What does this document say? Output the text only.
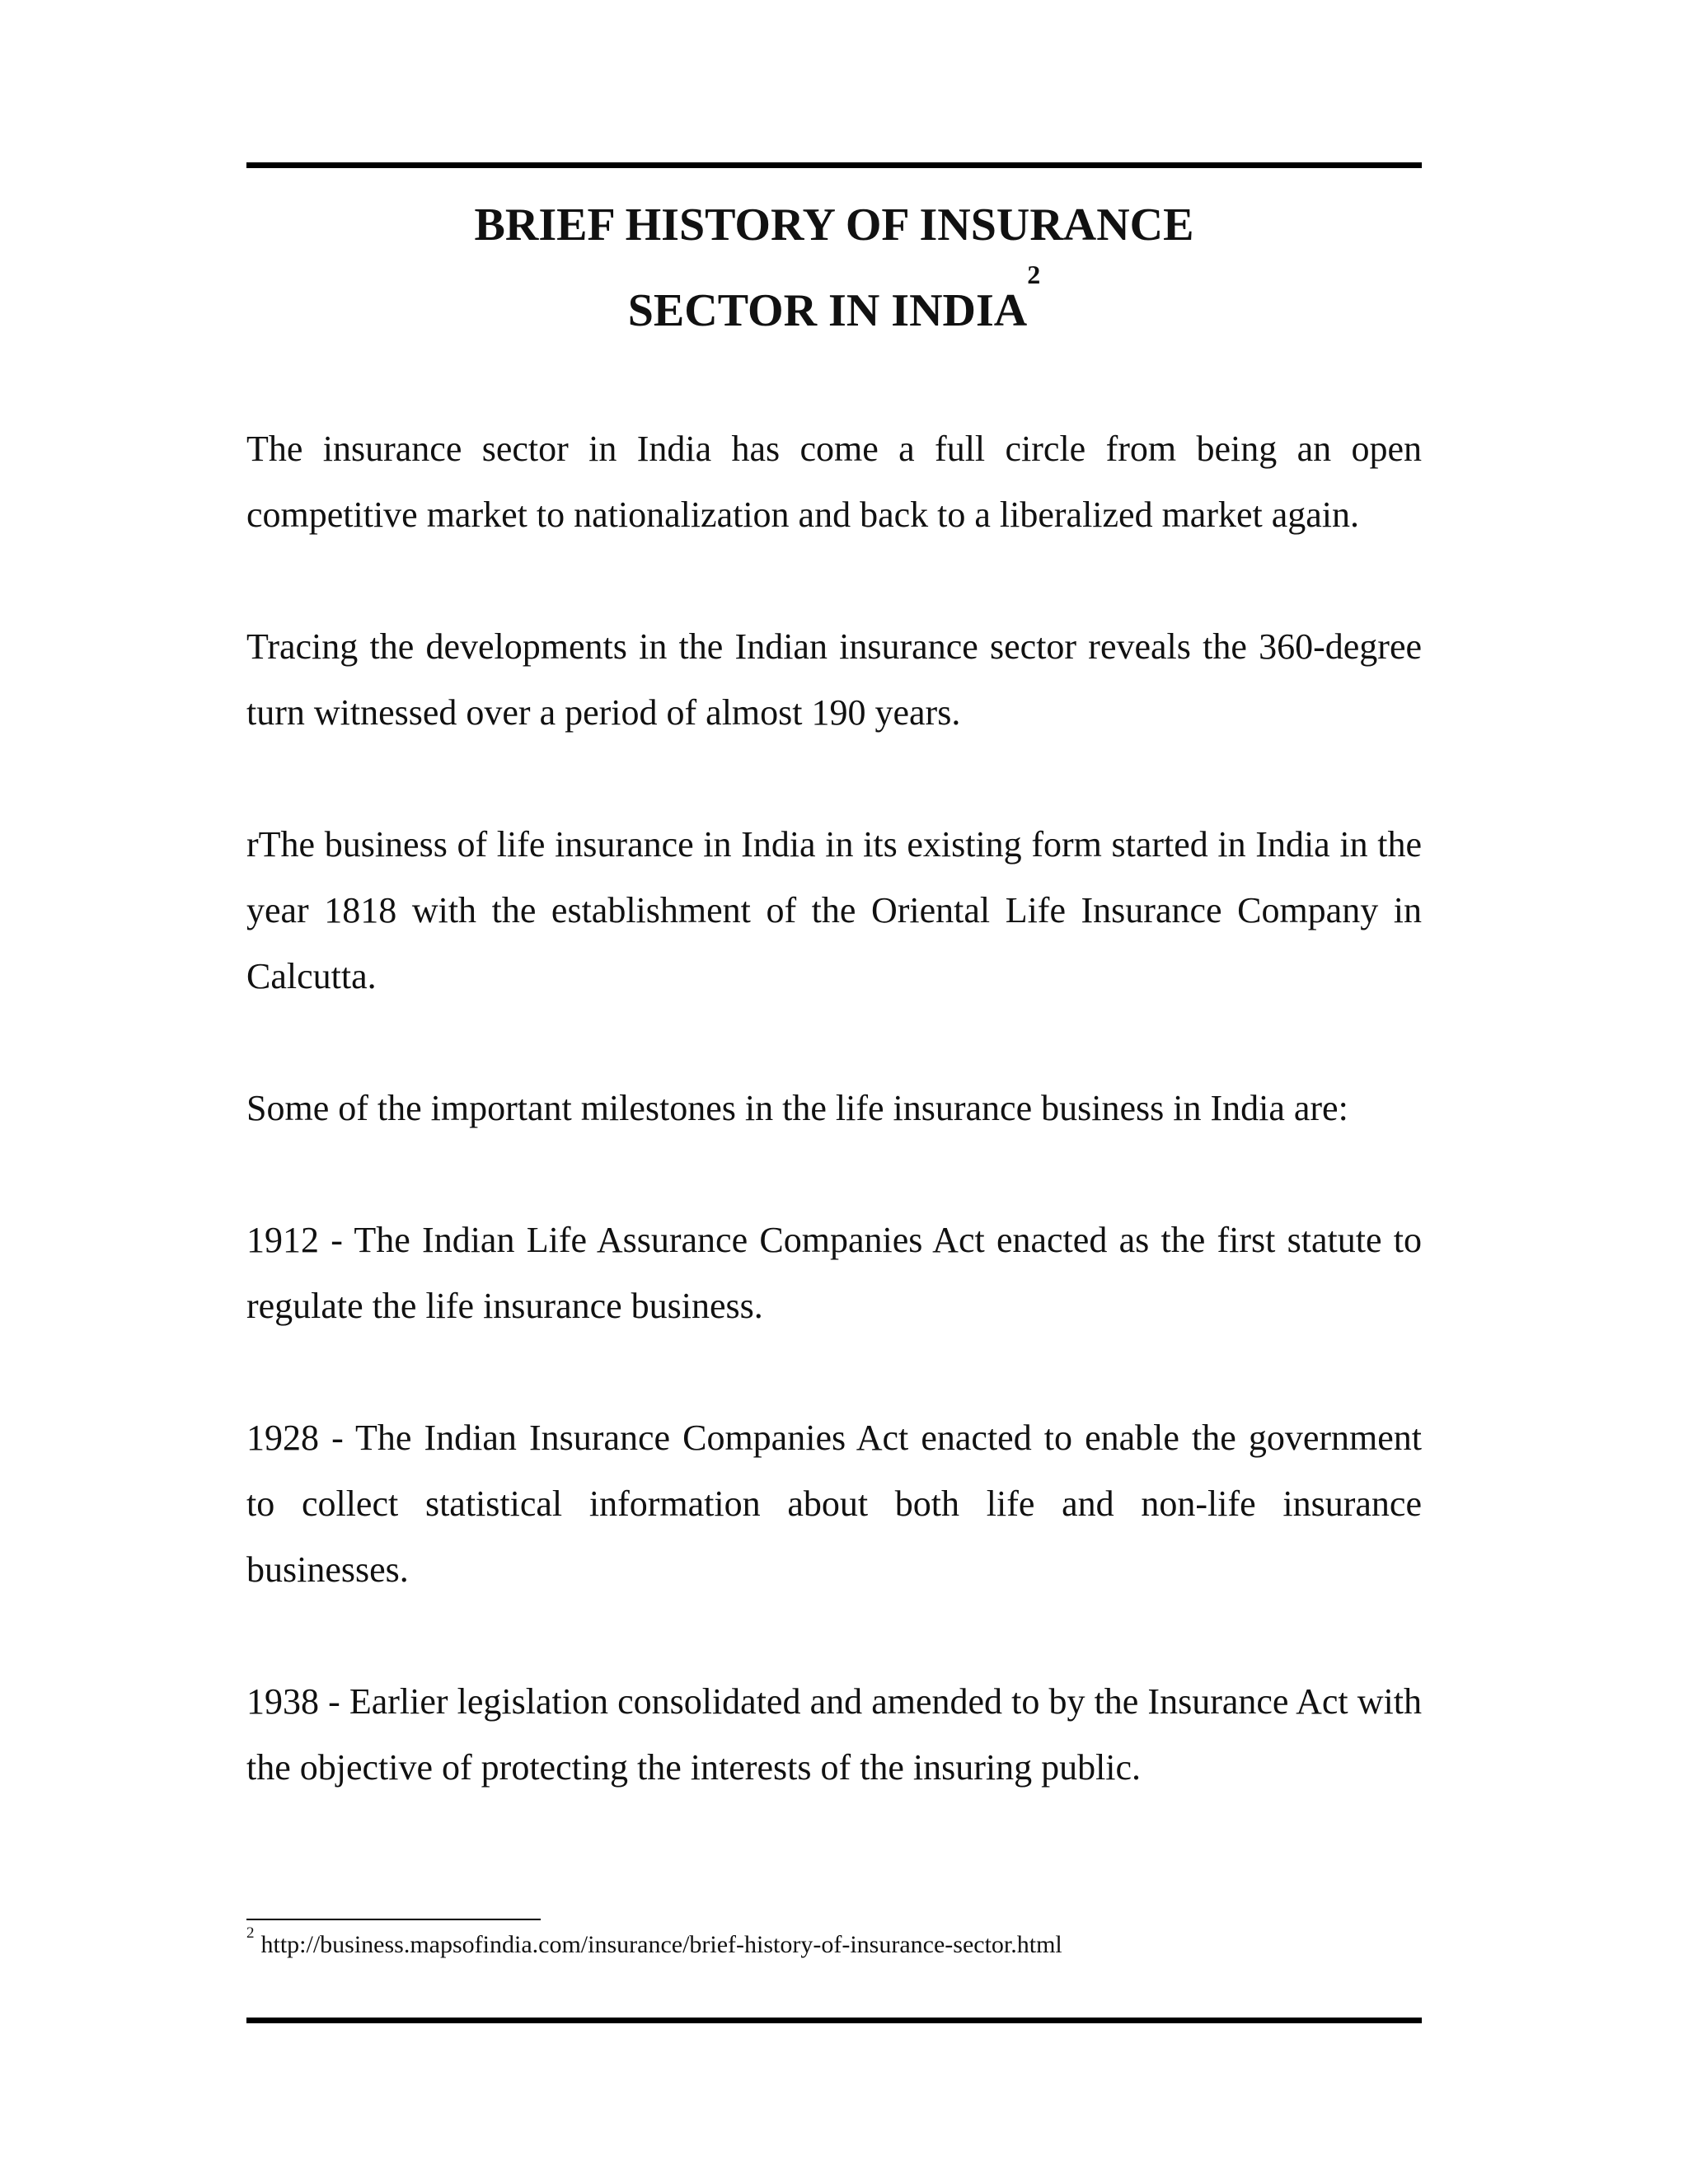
BRIEF HISTORY OF INSURANCE
SECTOR IN INDIA$^2$

The insurance sector in India has come a full circle from being an open competitive market to nationalization and back to a liberalized market again.

Tracing the developments in the Indian insurance sector reveals the 360-degree turn witnessed over a period of almost 190 years.

rThe business of life insurance in India in its existing form started in India in the year 1818 with the establishment of the Oriental Life Insurance Company in Calcutta.

Some of the important milestones in the life insurance business in India are:

1912 - The Indian Life Assurance Companies Act enacted as the first statute to regulate the life insurance business.

1928 - The Indian Insurance Companies Act enacted to enable the government to collect statistical information about both life and non-life insurance businesses.

1938 - Earlier legislation consolidated and amended to by the Insurance Act with the objective of protecting the interests of the insuring public.

$^2$ http://business.mapsofindia.com/insurance/brief-history-of-insurance-sector.html
